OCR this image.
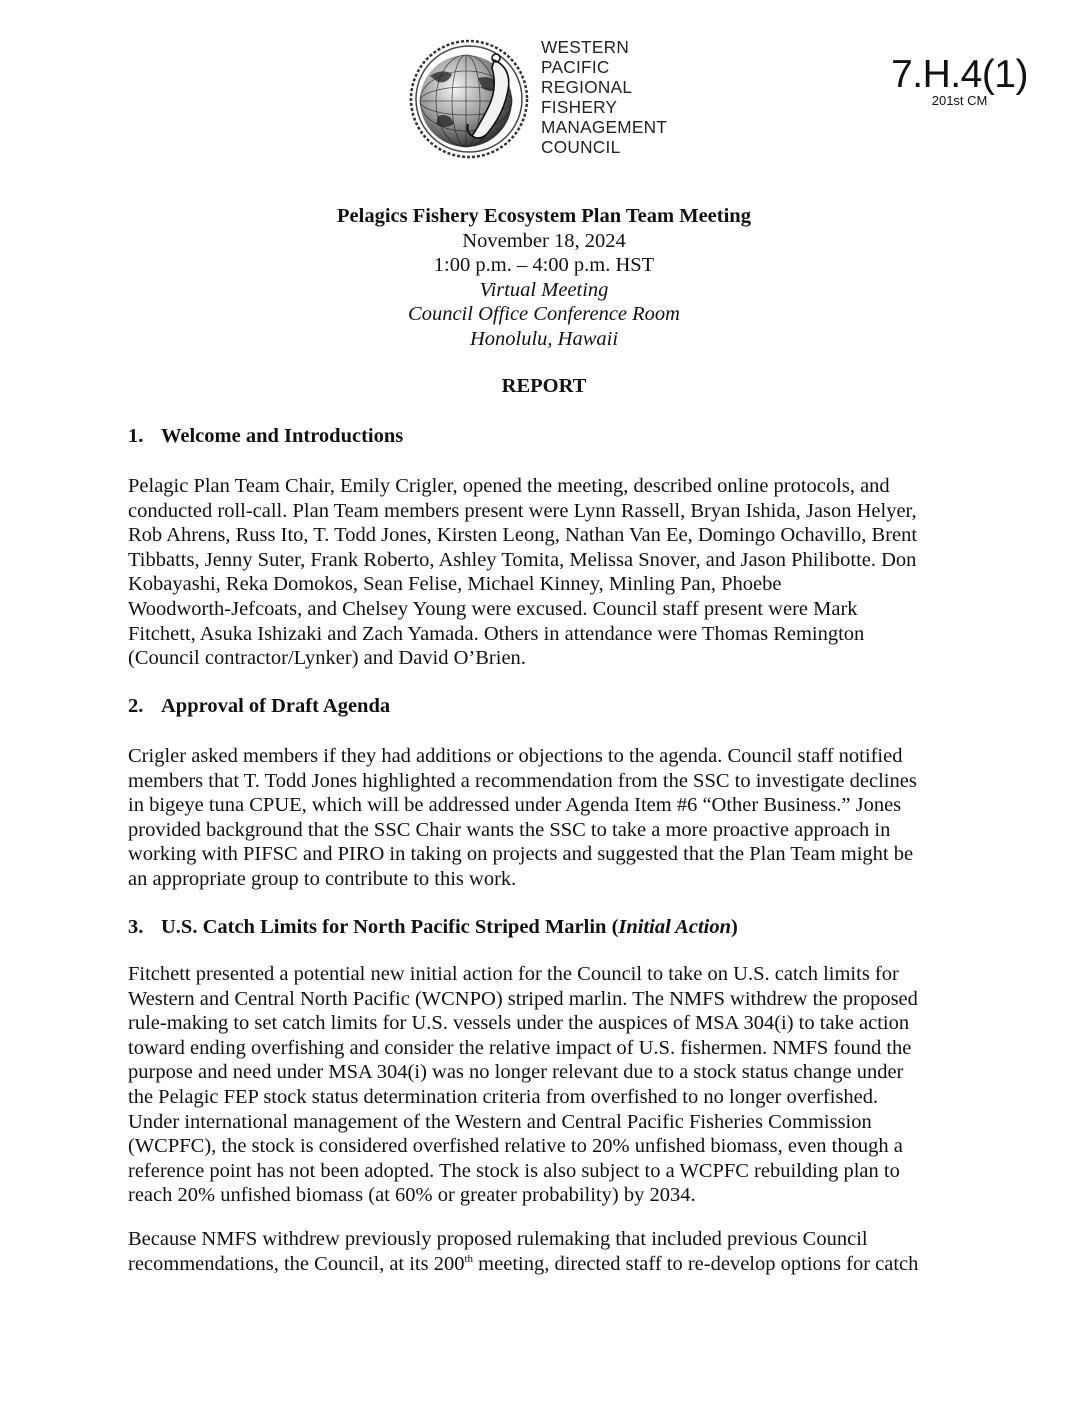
WESTERN
PACIFIC
REGIONAL
FISHERY
MANAGEMENT
COUNCIL
7.H.4(1)
201st CM
Pelagics Fishery Ecosystem Plan Team Meeting
November 18, 2024
1:00 p.m. – 4:00 p.m. HST
Virtual Meeting
Council Office Conference Room
Honolulu, Hawaii
REPORT
1. Welcome and Introductions
Pelagic Plan Team Chair, Emily Crigler, opened the meeting, described online protocols, and
conducted roll-call. Plan Team members present were Lynn Rassell, Bryan Ishida, Jason Helyer,
Rob Ahrens, Russ Ito, T. Todd Jones, Kirsten Leong, Nathan Van Ee, Domingo Ochavillo, Brent
Tibbatts, Jenny Suter, Frank Roberto, Ashley Tomita, Melissa Snover, and Jason Philibotte. Don
Kobayashi, Reka Domokos, Sean Felise, Michael Kinney, Minling Pan, Phoebe
Woodworth-Jefcoats, and Chelsey Young were excused. Council staff present were Mark
Fitchett, Asuka Ishizaki and Zach Yamada. Others in attendance were Thomas Remington
(Council contractor/Lynker) and David O’Brien.
2. Approval of Draft Agenda
Crigler asked members if they had additions or objections to the agenda. Council staff notified
members that T. Todd Jones highlighted a recommendation from the SSC to investigate declines
in bigeye tuna CPUE, which will be addressed under Agenda Item #6 “Other Business.” Jones
provided background that the SSC Chair wants the SSC to take a more proactive approach in
working with PIFSC and PIRO in taking on projects and suggested that the Plan Team might be
an appropriate group to contribute to this work.
3. U.S. Catch Limits for North Pacific Striped Marlin (Initial Action)
Fitchett presented a potential new initial action for the Council to take on U.S. catch limits for
Western and Central North Pacific (WCNPO) striped marlin. The NMFS withdrew the proposed
rule-making to set catch limits for U.S. vessels under the auspices of MSA 304(i) to take action
toward ending overfishing and consider the relative impact of U.S. fishermen. NMFS found the
purpose and need under MSA 304(i) was no longer relevant due to a stock status change under
the Pelagic FEP stock status determination criteria from overfished to no longer overfished.
Under international management of the Western and Central Pacific Fisheries Commission
(WCPFC), the stock is considered overfished relative to 20% unfished biomass, even though a
reference point has not been adopted. The stock is also subject to a WCPFC rebuilding plan to
reach 20% unfished biomass (at 60% or greater probability) by 2034.
Because NMFS withdrew previously proposed rulemaking that included previous Council
recommendations, the Council, at its 200th meeting, directed staff to re-develop options for catch
